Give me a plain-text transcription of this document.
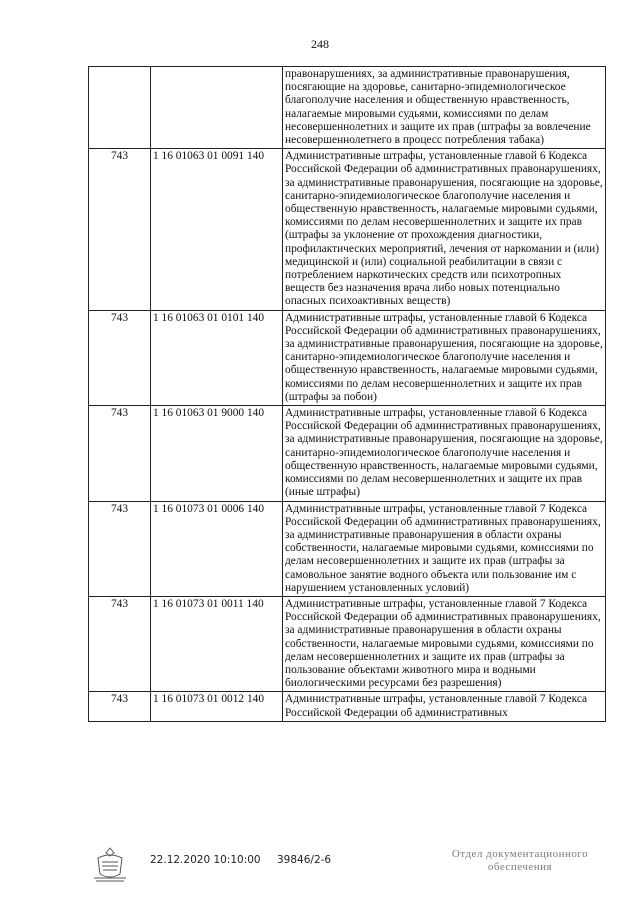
248
		правонарушениях, за административные правонарушения, посягающие на здоровье, санитарно-эпидемиологическое благополучие населения и общественную нравственность, налагаемые мировыми судьями, комиссиями по делам несовершеннолетних и защите их прав (штрафы за вовлечение несовершеннолетнего в процесс потребления табака)
743	1 16 01063 01 0091 140	Административные штрафы, установленные главой 6 Кодекса Российской Федерации об административных правонарушениях, за административные правонарушения, посягающие на здоровье, санитарно-эпидемиологическое благополучие населения и общественную нравственность, налагаемые мировыми судьями, комиссиями по делам несовершеннолетних и защите их прав (штрафы за уклонение от прохождения диагностики, профилактических мероприятий, лечения от наркомании и (или) медицинской и (или) социальной реабилитации в связи с потреблением наркотических средств или психотропных веществ без назначения врача либо новых потенциально опасных психоактивных веществ)
743	1 16 01063 01 0101 140	Административные штрафы, установленные главой 6 Кодекса Российской Федерации об административных правонарушениях, за административные правонарушения, посягающие на здоровье, санитарно-эпидемиологическое благополучие населения и общественную нравственность, налагаемые мировыми судьями, комиссиями по делам несовершеннолетних и защите их прав (штрафы за побои)
743	1 16 01063 01 9000 140	Административные штрафы, установленные главой 6 Кодекса Российской Федерации об административных правонарушениях, за административные правонарушения, посягающие на здоровье, санитарно-эпидемиологическое благополучие населения и общественную нравственность, налагаемые мировыми судьями, комиссиями по делам несовершеннолетних и защите их прав (иные штрафы)
743	1 16 01073 01 0006 140	Административные штрафы, установленные главой 7 Кодекса Российской Федерации об административных правонарушениях, за административные правонарушения в области охраны собственности, налагаемые мировыми судьями, комиссиями по делам несовершеннолетних и защите их прав (штрафы за самовольное занятие водного объекта или пользование им с нарушением установленных условий)
743	1 16 01073 01 0011 140	Административные штрафы, установленные главой 7 Кодекса Российской Федерации об административных правонарушениях, за административные правонарушения в области охраны собственности, налагаемые мировыми судьями, комиссиями по делам несовершеннолетних и защите их прав (штрафы за пользование объектами животного мира и водными биологическими ресурсами без разрешения)
743	1 16 01073 01 0012 140	Административные штрафы, установленные главой 7 Кодекса Российской Федерации об административных
22.12.2020 10:10:00 39846/2-6	Отдел документационного
обеспечения
